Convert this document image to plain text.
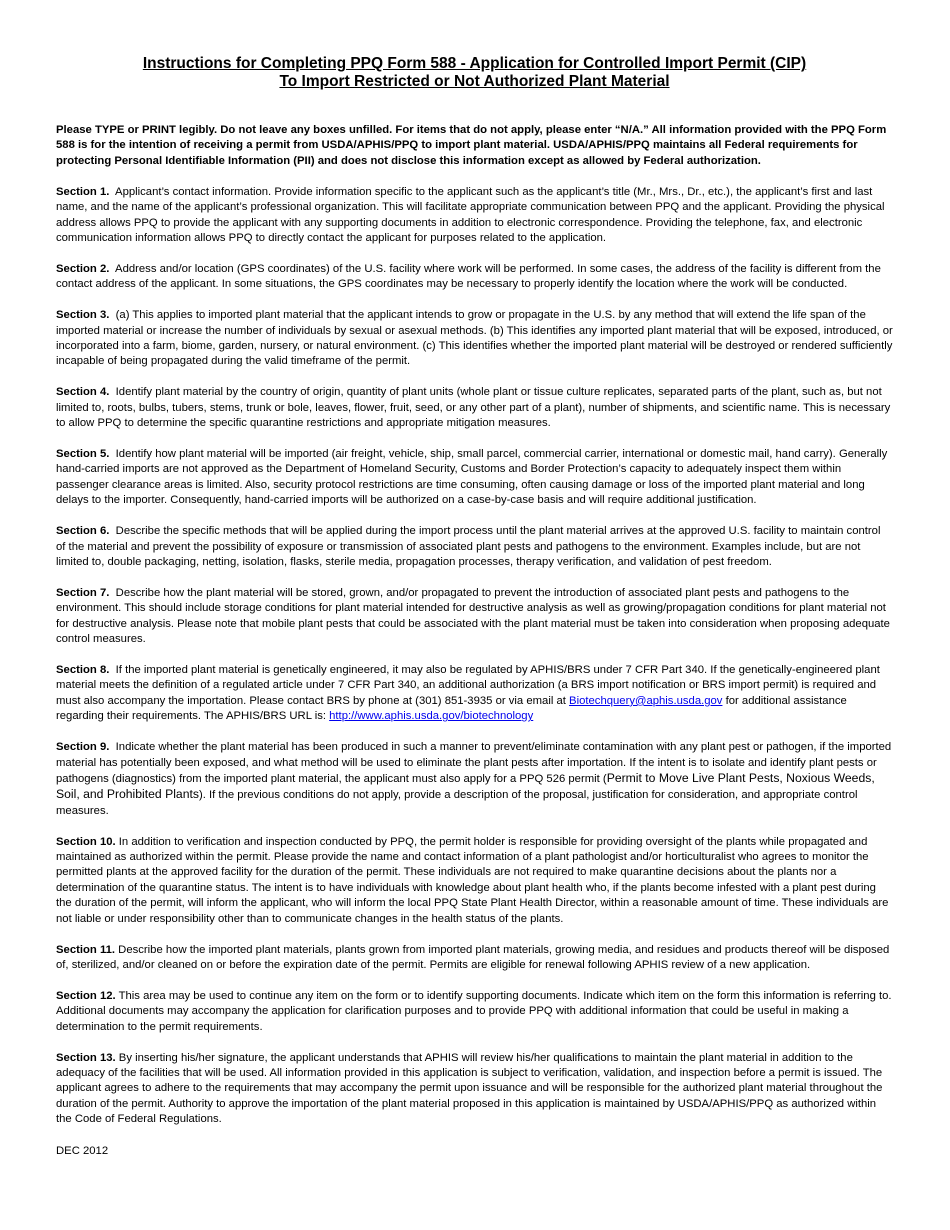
Instructions for Completing PPQ Form 588 - Application for Controlled Import Permit (CIP)
To Import Restricted or Not Authorized Plant Material

Please TYPE or PRINT legibly. Do not leave any boxes unfilled. For items that do not apply, please enter “N/A.” All information provided with the PPQ Form 588 is for the intention of receiving a permit from USDA/APHIS/PPQ to import plant material. USDA/APHIS/PPQ maintains all Federal requirements for protecting Personal Identifiable Information (PII) and does not disclose this information except as allowed by Federal authorization.

Section 1. Applicant’s contact information. Provide information specific to the applicant such as the applicant’s title (Mr., Mrs., Dr., etc.), the applicant’s first and last name, and the name of the applicant’s professional organization. This will facilitate appropriate communication between PPQ and the applicant. Providing the physical address allows PPQ to provide the applicant with any supporting documents in addition to electronic correspondence. Providing the telephone, fax, and electronic communication information allows PPQ to directly contact the applicant for purposes related to the application.

Section 2. Address and/or location (GPS coordinates) of the U.S. facility where work will be performed. In some cases, the address of the facility is different from the contact address of the applicant. In some situations, the GPS coordinates may be necessary to properly identify the location where the work will be conducted.

Section 3. (a) This applies to imported plant material that the applicant intends to grow or propagate in the U.S. by any method that will extend the life span of the imported material or increase the number of individuals by sexual or asexual methods. (b) This identifies any imported plant material that will be exposed, introduced, or incorporated into a farm, biome, garden, nursery, or natural environment. (c) This identifies whether the imported plant material will be destroyed or rendered sufficiently incapable of being propagated during the valid timeframe of the permit.

Section 4. Identify plant material by the country of origin, quantity of plant units (whole plant or tissue culture replicates, separated parts of the plant, such as, but not limited to, roots, bulbs, tubers, stems, trunk or bole, leaves, flower, fruit, seed, or any other part of a plant), number of shipments, and scientific name. This is necessary to allow PPQ to determine the specific quarantine restrictions and appropriate mitigation measures.

Section 5. Identify how plant material will be imported (air freight, vehicle, ship, small parcel, commercial carrier, international or domestic mail, hand carry). Generally hand-carried imports are not approved as the Department of Homeland Security, Customs and Border Protection’s capacity to adequately inspect them within passenger clearance areas is limited. Also, security protocol restrictions are time consuming, often causing damage or loss of the imported plant material and long delays to the importer. Consequently, hand-carried imports will be authorized on a case-by-case basis and will require additional justification.

Section 6. Describe the specific methods that will be applied during the import process until the plant material arrives at the approved U.S. facility to maintain control of the material and prevent the possibility of exposure or transmission of associated plant pests and pathogens to the environment. Examples include, but are not limited to, double packaging, netting, isolation, flasks, sterile media, propagation processes, therapy verification, and validation of pest freedom.

Section 7. Describe how the plant material will be stored, grown, and/or propagated to prevent the introduction of associated plant pests and pathogens to the environment. This should include storage conditions for plant material intended for destructive analysis as well as growing/propagation conditions for plant material not for destructive analysis. Please note that mobile plant pests that could be associated with the plant material must be taken into consideration when proposing adequate control measures.

Section 8. If the imported plant material is genetically engineered, it may also be regulated by APHIS/BRS under 7 CFR Part 340. If the genetically-engineered plant material meets the definition of a regulated article under 7 CFR Part 340, an additional authorization (a BRS import notification or BRS import permit) is required and must also accompany the importation. Please contact BRS by phone at (301) 851-3935 or via email at Biotechquery@aphis.usda.gov for additional assistance regarding their requirements. The APHIS/BRS URL is: http://www.aphis.usda.gov/biotechnology

Section 9. Indicate whether the plant material has been produced in such a manner to prevent/eliminate contamination with any plant pest or pathogen, if the imported material has potentially been exposed, and what method will be used to eliminate the plant pests after importation. If the intent is to isolate and identify plant pests or pathogens (diagnostics) from the imported plant material, the applicant must also apply for a PPQ 526 permit (Permit to Move Live Plant Pests, Noxious Weeds, Soil, and Prohibited Plants). If the previous conditions do not apply, provide a description of the proposal, justification for consideration, and appropriate control measures.

Section 10. In addition to verification and inspection conducted by PPQ, the permit holder is responsible for providing oversight of the plants while propagated and maintained as authorized within the permit. Please provide the name and contact information of a plant pathologist and/or horticulturalist who agrees to monitor the permitted plants at the approved facility for the duration of the permit. These individuals are not required to make quarantine decisions about the plants nor a determination of the quarantine status. The intent is to have individuals with knowledge about plant health who, if the plants become infested with a plant pest during the duration of the permit, will inform the applicant, who will inform the local PPQ State Plant Health Director, within a reasonable amount of time. These individuals are not liable or under responsibility other than to communicate changes in the health status of the plants.

Section 11. Describe how the imported plant materials, plants grown from imported plant materials, growing media, and residues and products thereof will be disposed of, sterilized, and/or cleaned on or before the expiration date of the permit. Permits are eligible for renewal following APHIS review of a new application.

Section 12. This area may be used to continue any item on the form or to identify supporting documents. Indicate which item on the form this information is referring to. Additional documents may accompany the application for clarification purposes and to provide PPQ with additional information that could be useful in making a determination to the permit requirements.

Section 13. By inserting his/her signature, the applicant understands that APHIS will review his/her qualifications to maintain the plant material in addition to the adequacy of the facilities that will be used. All information provided in this application is subject to verification, validation, and inspection before a permit is issued. The applicant agrees to adhere to the requirements that may accompany the permit upon issuance and will be responsible for the authorized plant material throughout the duration of the permit. Authority to approve the importation of the plant material proposed in this application is maintained by USDA/APHIS/PPQ as authorized within the Code of Federal Regulations.

DEC 2012
